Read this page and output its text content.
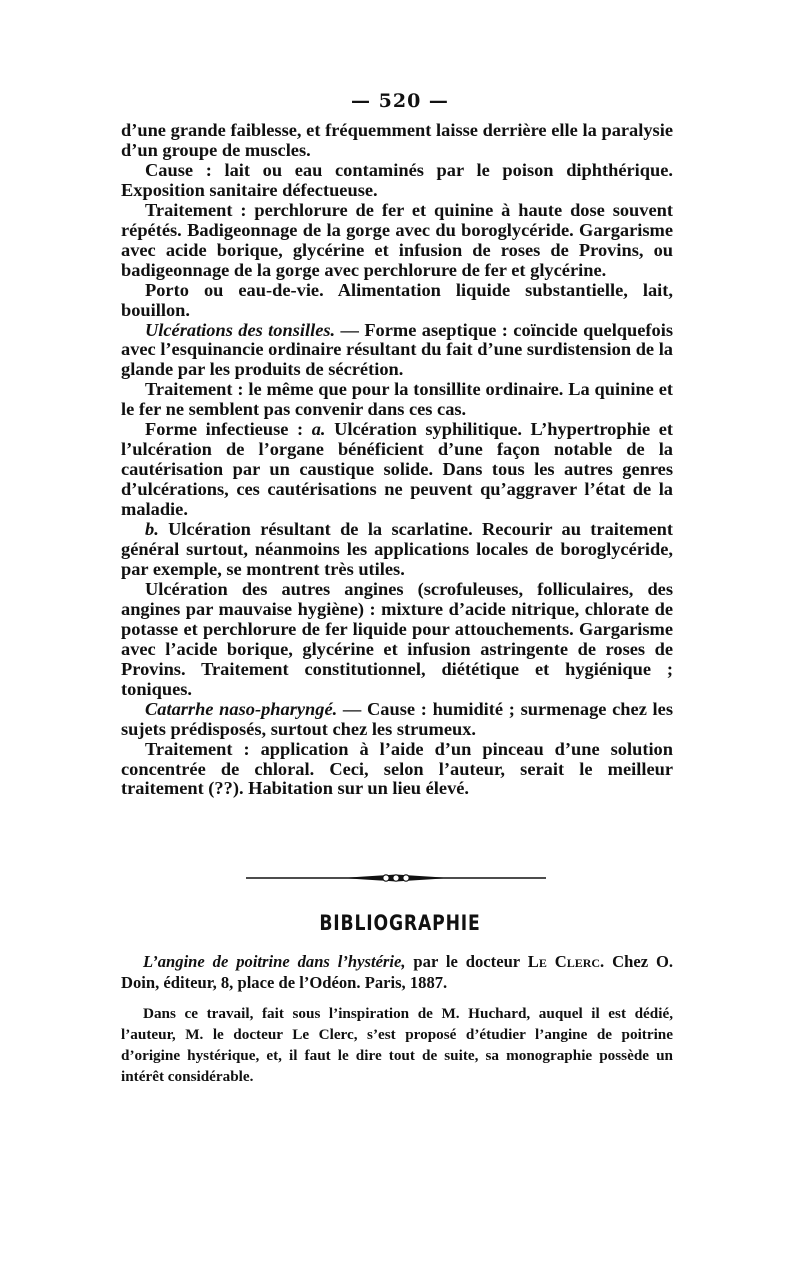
— 520 —

d’une grande faiblesse, et fréquemment laisse derrière elle la paralysie d’un groupe de muscles.

Cause : lait ou eau contaminés par le poison diphthérique. Exposition sanitaire défectueuse.

Traitement : perchlorure de fer et quinine à haute dose souvent répétés. Badigeonnage de la gorge avec du boroglycéride. Gargarisme avec acide borique, glycérine et infusion de roses de Provins, ou badigeonnage de la gorge avec perchlorure de fer et glycérine.

Porto ou eau-de-vie. Alimentation liquide substantielle, lait, bouillon.

Ulcérations des tonsilles. — Forme aseptique : coïncide quelquefois avec l’esquinancie ordinaire résultant du fait d’une surdistension de la glande par les produits de sécrétion.

Traitement : le même que pour la tonsillite ordinaire. La quinine et le fer ne semblent pas convenir dans ces cas.

Forme infectieuse : a. Ulcération syphilitique. L’hypertrophie et l’ulcération de l’organe bénéficient d’une façon notable de la cautérisation par un caustique solide. Dans tous les autres genres d’ulcérations, ces cautérisations ne peuvent qu’aggraver l’état de la maladie.

b. Ulcération résultant de la scarlatine. Recourir au traitement général surtout, néanmoins les applications locales de boroglycéride, par exemple, se montrent très utiles.

Ulcération des autres angines (scrofuleuses, folliculaires, des angines par mauvaise hygiène) : mixture d’acide nitrique, chlorate de potasse et perchlorure de fer liquide pour attouchements. Gargarisme avec l’acide borique, glycérine et infusion astringente de roses de Provins. Traitement constitutionnel, diététique et hygiénique ; toniques.

Catarrhe naso-pharyngé. — Cause : humidité ; surmenage chez les sujets prédisposés, surtout chez les strumeux.

Traitement : application à l’aide d’un pinceau d’une solution concentrée de chloral. Ceci, selon l’auteur, serait le meilleur traitement (??). Habitation sur un lieu élevé.

BIBLIOGRAPHIE

L’angine de poitrine dans l’hystérie, par le docteur Le Clerc. Chez O. Doin, éditeur, 8, place de l’Odéon. Paris, 1887.

Dans ce travail, fait sous l’inspiration de M. Huchard, auquel il est dédié, l’auteur, M. le docteur Le Clerc, s’est proposé d’étudier l’angine de poitrine d’origine hystérique, et, il faut le dire tout de suite, sa monographie possède un intérêt considérable.
